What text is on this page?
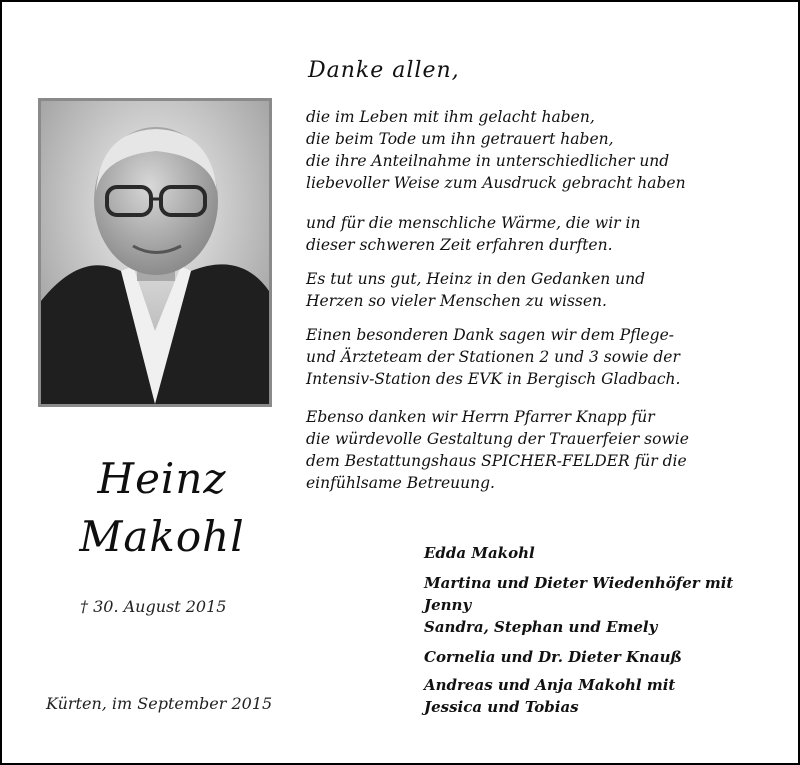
Heinz
Makohl
† 30. August 2015
Kürten, im September 2015
Danke allen,
die im Leben mit ihm gelacht haben,
die beim Tode um ihn getrauert haben,
die ihre Anteilnahme in unterschiedlicher und
liebevoller Weise zum Ausdruck gebracht haben
und für die menschliche Wärme, die wir in
dieser schweren Zeit erfahren durften.
Es tut uns gut, Heinz in den Gedanken und
Herzen so vieler Menschen zu wissen.
Einen besonderen Dank sagen wir dem Pflege-
und Ärzteteam der Stationen 2 und 3 sowie der
Intensiv-Station des EVK in Bergisch Gladbach.
Ebenso danken wir Herrn Pfarrer Knapp für
die würdevolle Gestaltung der Trauerfeier sowie
dem Bestattungshaus SPICHER-FELDER für die
einfühlsame Betreuung.
Edda Makohl
Martina und Dieter Wiedenhöfer mit
Jenny
Sandra, Stephan und Emely
Cornelia und Dr. Dieter Knauß
Andreas und Anja Makohl mit
Jessica und Tobias
